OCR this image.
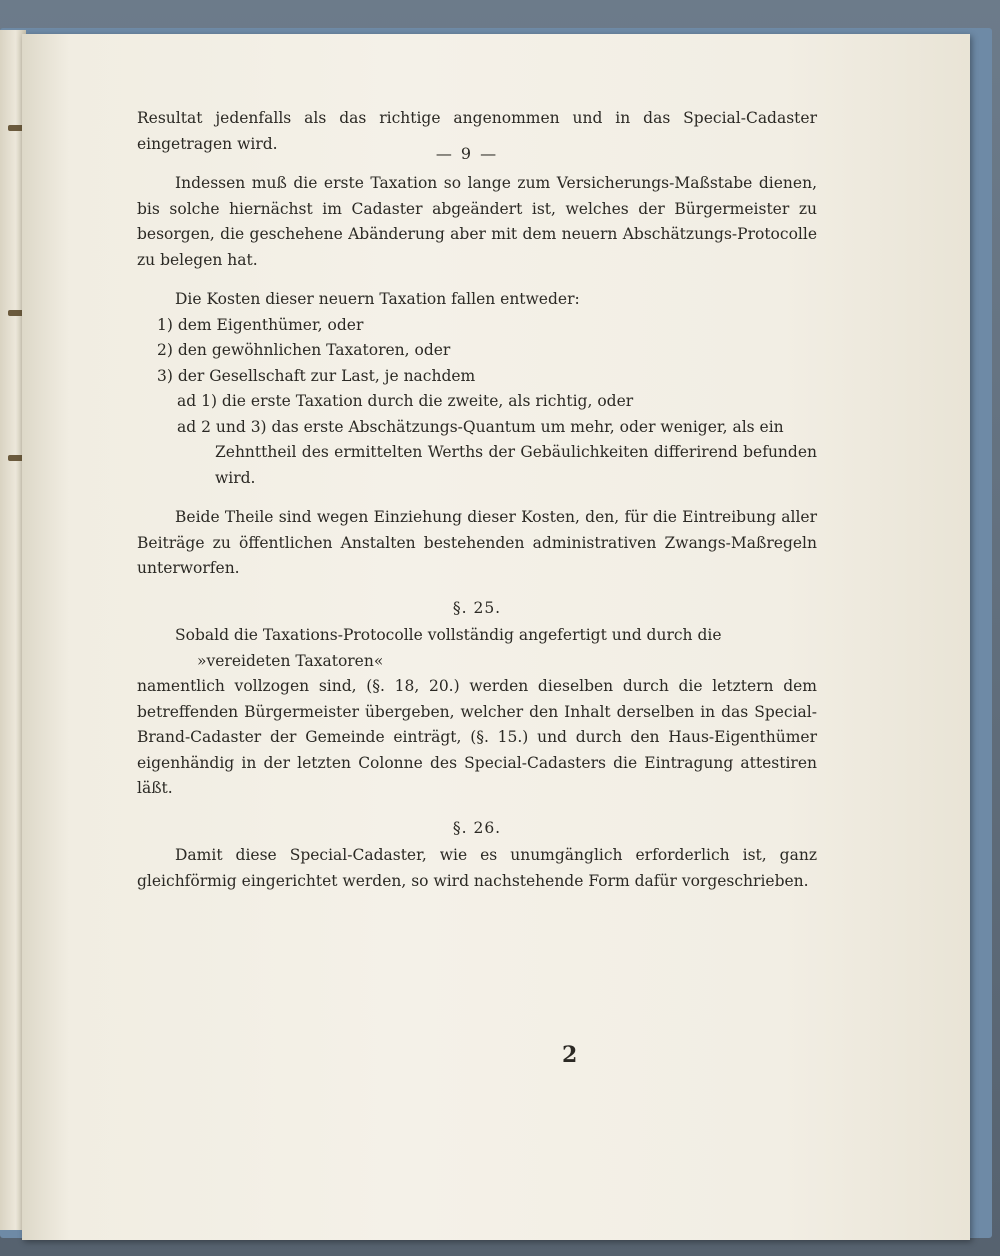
— 9 —

Resultat jedenfalls als das richtige angenommen und in das Special-Cadaster eingetragen wird.

Indessen muß die erste Taxation so lange zum Versicherungs-Maßstabe dienen, bis solche hiernächst im Cadaster abgeändert ist, welches der Bürgermeister zu besorgen, die geschehene Abänderung aber mit dem neuern Abschätzungs-Protocolle zu belegen hat.

Die Kosten dieser neuern Taxation fallen entweder:

1) dem Eigenthümer, oder

2) den gewöhnlichen Taxatoren, oder

3) der Gesellschaft zur Last, je nachdem

ad 1) die erste Taxation durch die zweite, als richtig, oder

ad 2 und 3) das erste Abschätzungs-Quantum um mehr, oder weniger, als ein
Zehnttheil des ermittelten Werths der Gebäulichkeiten differirend befunden wird.

Beide Theile sind wegen Einziehung dieser Kosten, den, für die Eintreibung aller Beiträge zu öffentlichen Anstalten bestehenden administrativen Zwangs-Maßregeln unterworfen.

§. 25.

Sobald die Taxations-Protocolle vollständig angefertigt und durch die

»vereideten Taxatoren«

namentlich vollzogen sind, (§. 18, 20.) werden dieselben durch die letztern dem betreffenden Bürgermeister übergeben, welcher den Inhalt derselben in das Special-Brand-Cadaster der Gemeinde einträgt, (§. 15.) und durch den Haus-Eigenthümer eigenhändig in der letzten Colonne des Special-Cadasters die Eintragung attestiren läßt.

§. 26.

Damit diese Special-Cadaster, wie es unumgänglich erforderlich ist, ganz gleichförmig eingerichtet werden, so wird nachstehende Form dafür vorgeschrieben.

2
